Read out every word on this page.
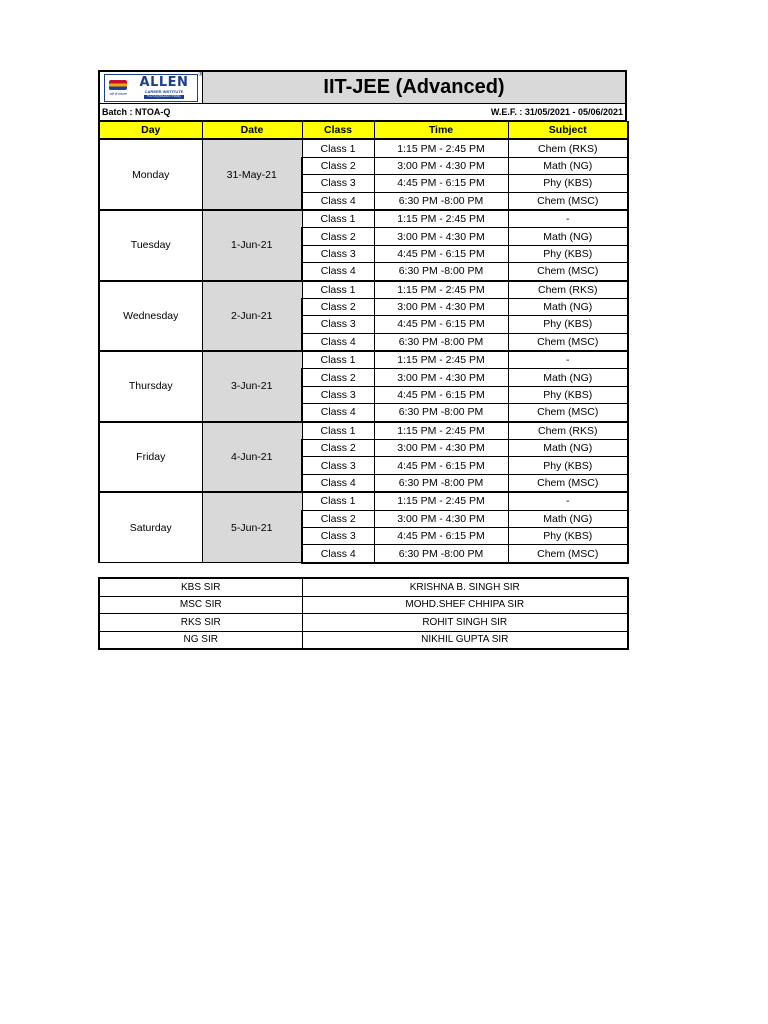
सही ही सफलता
ALLEN
CAREER INSTITUTE
KOTA (RAJASTHAN)
®
IIT-JEE (Advanced)
Batch : NTOA-Q	W.E.F. : 31/05/2021 - 05/06/2021
Day	Date	Class	Time	Subject
Monday	31-May-21	Class 1	1:15 PM - 2:45 PM	Chem (RKS)
		Class 2	3:00 PM - 4:30 PM	Math (NG)
		Class 3	4:45 PM - 6:15 PM	Phy (KBS)
		Class 4	6:30 PM -8:00 PM	Chem (MSC)
Tuesday	1-Jun-21	Class 1	1:15 PM - 2:45 PM	-
		Class 2	3:00 PM - 4:30 PM	Math (NG)
		Class 3	4:45 PM - 6:15 PM	Phy (KBS)
		Class 4	6:30 PM -8:00 PM	Chem (MSC)
Wednesday	2-Jun-21	Class 1	1:15 PM - 2:45 PM	Chem (RKS)
		Class 2	3:00 PM - 4:30 PM	Math (NG)
		Class 3	4:45 PM - 6:15 PM	Phy (KBS)
		Class 4	6:30 PM -8:00 PM	Chem (MSC)
Thursday	3-Jun-21	Class 1	1:15 PM - 2:45 PM	-
		Class 2	3:00 PM - 4:30 PM	Math (NG)
		Class 3	4:45 PM - 6:15 PM	Phy (KBS)
		Class 4	6:30 PM -8:00 PM	Chem (MSC)
Friday	4-Jun-21	Class 1	1:15 PM - 2:45 PM	Chem (RKS)
		Class 2	3:00 PM - 4:30 PM	Math (NG)
		Class 3	4:45 PM - 6:15 PM	Phy (KBS)
		Class 4	6:30 PM -8:00 PM	Chem (MSC)
Saturday	5-Jun-21	Class 1	1:15 PM - 2:45 PM	-
		Class 2	3:00 PM - 4:30 PM	Math (NG)
		Class 3	4:45 PM - 6:15 PM	Phy (KBS)
		Class 4	6:30 PM -8:00 PM	Chem (MSC)
KBS SIR	KRISHNA B. SINGH SIR
MSC SIR	MOHD.SHEF CHHIPA SIR
RKS SIR	ROHIT SINGH SIR
NG SIR	NIKHIL GUPTA SIR
